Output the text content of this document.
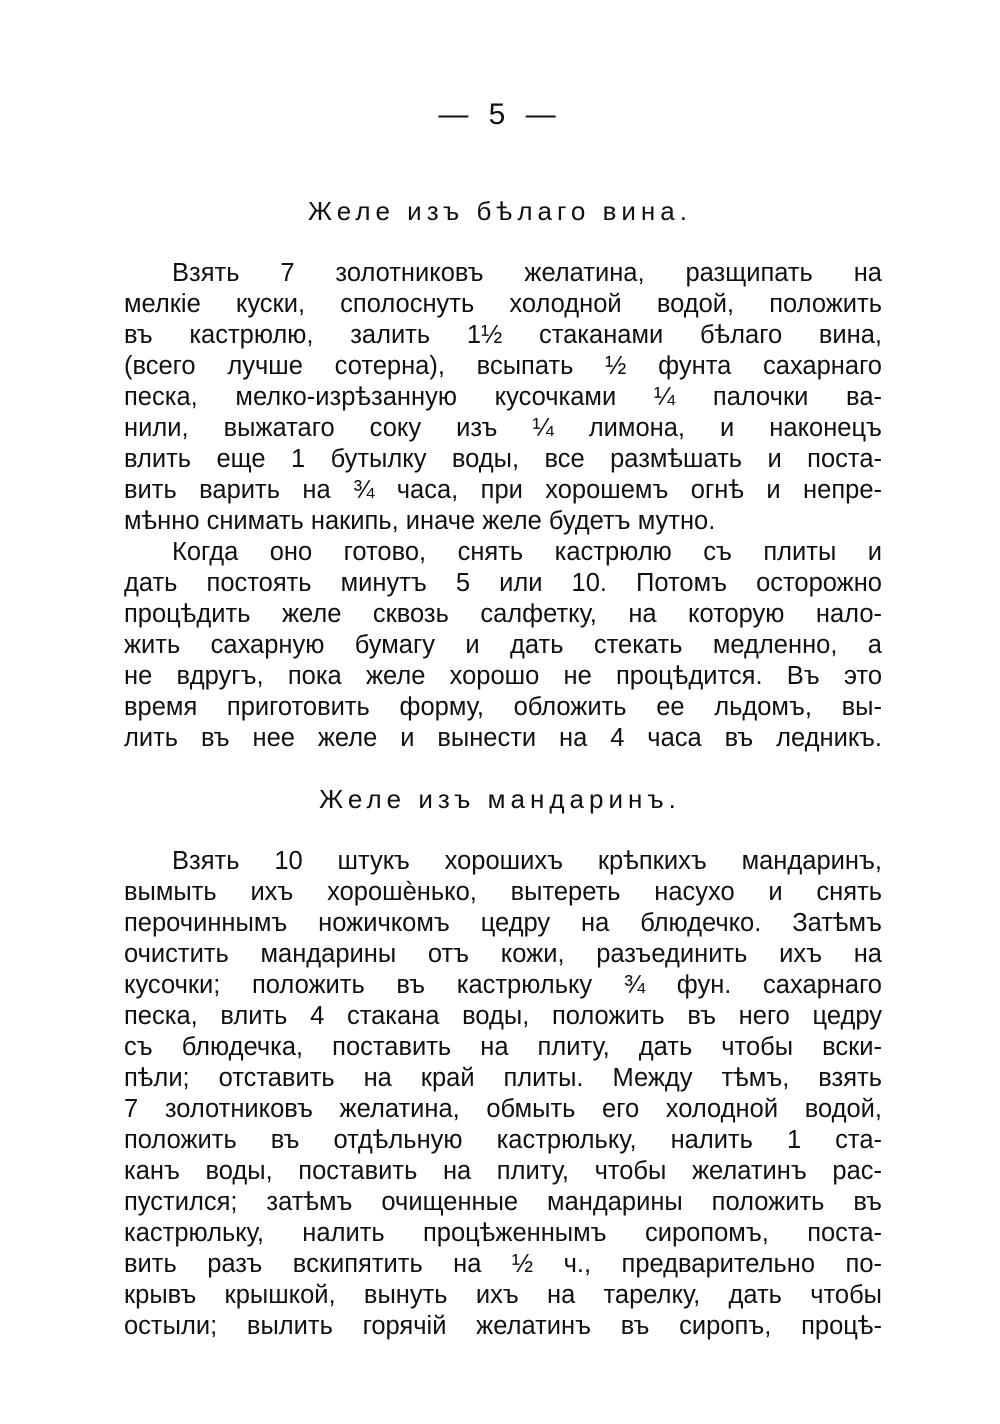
— 5 —
Желе изъ бѣлаго вина.
Взять 7 золотниковъ желатина, разщипать на
мелкіе куски, сполоснуть холодной водой, положить
въ кастрюлю, залить 1½ стаканами бѣлаго вина,
(всего лучше сотерна), всыпать ½ фунта сахарнаго
песка, мелко-изрѣзанную кусочками ¼ палочки ва-
нили, выжатаго соку изъ ¼ лимона, и наконецъ
влить еще 1 бутылку воды, все размѣшать и поста-
вить варить на ¾ часа, при хорошемъ огнѣ и непре-
мѣнно снимать накипь, иначе желе будетъ мутно.
Когда оно готово, снять кастрюлю съ плиты и
дать постоять минутъ 5 или 10. Потомъ осторожно
процѣдить желе сквозь салфетку, на которую нало-
жить сахарную бумагу и дать стекать медленно, а
не вдругъ, пока желе хорошо не процѣдится. Въ это
время приготовить форму, обложить ее льдомъ, вы-
лить въ нее желе и вынести на 4 часа въ ледникъ.
Желе изъ мандаринъ.
Взять 10 штукъ хорошихъ крѣпкихъ мандаринъ,
вымыть ихъ хорошѐнько, вытереть насухо и снять
перочиннымъ ножичкомъ цедру на блюдечко. Затѣмъ
очистить мандарины отъ кожи, разъединить ихъ на
кусочки; положить въ кастрюльку ¾ фун. сахарнаго
песка, влить 4 стакана воды, положить въ него цедру
съ блюдечка, поставить на плиту, дать чтобы вски-
пѣли; отставить на край плиты. Между тѣмъ, взять
7 золотниковъ желатина, обмыть его холодной водой,
положить въ отдѣльную кастрюльку, налить 1 ста-
канъ воды, поставить на плиту, чтобы желатинъ рас-
пустился; затѣмъ очищенные мандарины положить въ
кастрюльку, налить процѣженнымъ сиропомъ, поста-
вить разъ вскипятить на ½ ч., предварительно по-
крывъ крышкой, вынуть ихъ на тарелку, дать чтобы
остыли; вылить горячій желатинъ въ сиропъ, процѣ-
